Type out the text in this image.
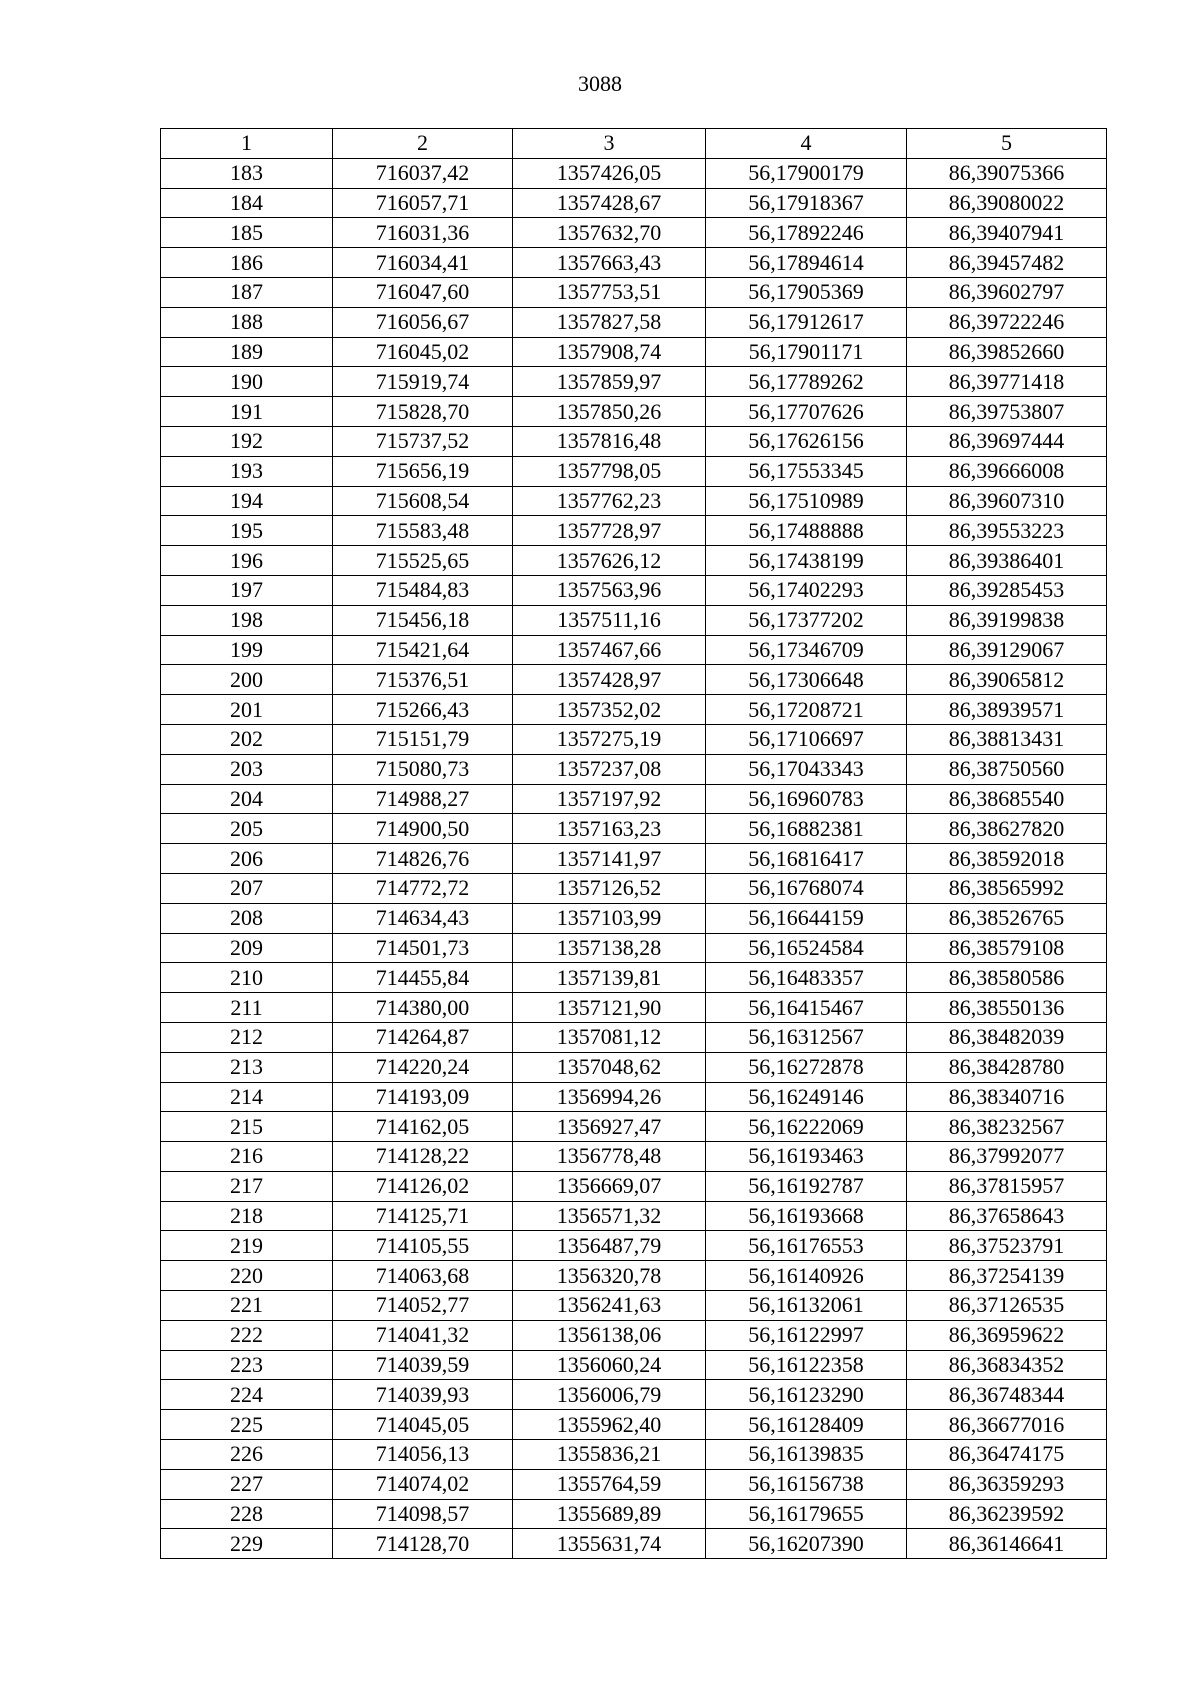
3088
1	2	3	4	5
183	716037,42	1357426,05	56,17900179	86,39075366
184	716057,71	1357428,67	56,17918367	86,39080022
185	716031,36	1357632,70	56,17892246	86,39407941
186	716034,41	1357663,43	56,17894614	86,39457482
187	716047,60	1357753,51	56,17905369	86,39602797
188	716056,67	1357827,58	56,17912617	86,39722246
189	716045,02	1357908,74	56,17901171	86,39852660
190	715919,74	1357859,97	56,17789262	86,39771418
191	715828,70	1357850,26	56,17707626	86,39753807
192	715737,52	1357816,48	56,17626156	86,39697444
193	715656,19	1357798,05	56,17553345	86,39666008
194	715608,54	1357762,23	56,17510989	86,39607310
195	715583,48	1357728,97	56,17488888	86,39553223
196	715525,65	1357626,12	56,17438199	86,39386401
197	715484,83	1357563,96	56,17402293	86,39285453
198	715456,18	1357511,16	56,17377202	86,39199838
199	715421,64	1357467,66	56,17346709	86,39129067
200	715376,51	1357428,97	56,17306648	86,39065812
201	715266,43	1357352,02	56,17208721	86,38939571
202	715151,79	1357275,19	56,17106697	86,38813431
203	715080,73	1357237,08	56,17043343	86,38750560
204	714988,27	1357197,92	56,16960783	86,38685540
205	714900,50	1357163,23	56,16882381	86,38627820
206	714826,76	1357141,97	56,16816417	86,38592018
207	714772,72	1357126,52	56,16768074	86,38565992
208	714634,43	1357103,99	56,16644159	86,38526765
209	714501,73	1357138,28	56,16524584	86,38579108
210	714455,84	1357139,81	56,16483357	86,38580586
211	714380,00	1357121,90	56,16415467	86,38550136
212	714264,87	1357081,12	56,16312567	86,38482039
213	714220,24	1357048,62	56,16272878	86,38428780
214	714193,09	1356994,26	56,16249146	86,38340716
215	714162,05	1356927,47	56,16222069	86,38232567
216	714128,22	1356778,48	56,16193463	86,37992077
217	714126,02	1356669,07	56,16192787	86,37815957
218	714125,71	1356571,32	56,16193668	86,37658643
219	714105,55	1356487,79	56,16176553	86,37523791
220	714063,68	1356320,78	56,16140926	86,37254139
221	714052,77	1356241,63	56,16132061	86,37126535
222	714041,32	1356138,06	56,16122997	86,36959622
223	714039,59	1356060,24	56,16122358	86,36834352
224	714039,93	1356006,79	56,16123290	86,36748344
225	714045,05	1355962,40	56,16128409	86,36677016
226	714056,13	1355836,21	56,16139835	86,36474175
227	714074,02	1355764,59	56,16156738	86,36359293
228	714098,57	1355689,89	56,16179655	86,36239592
229	714128,70	1355631,74	56,16207390	86,36146641
